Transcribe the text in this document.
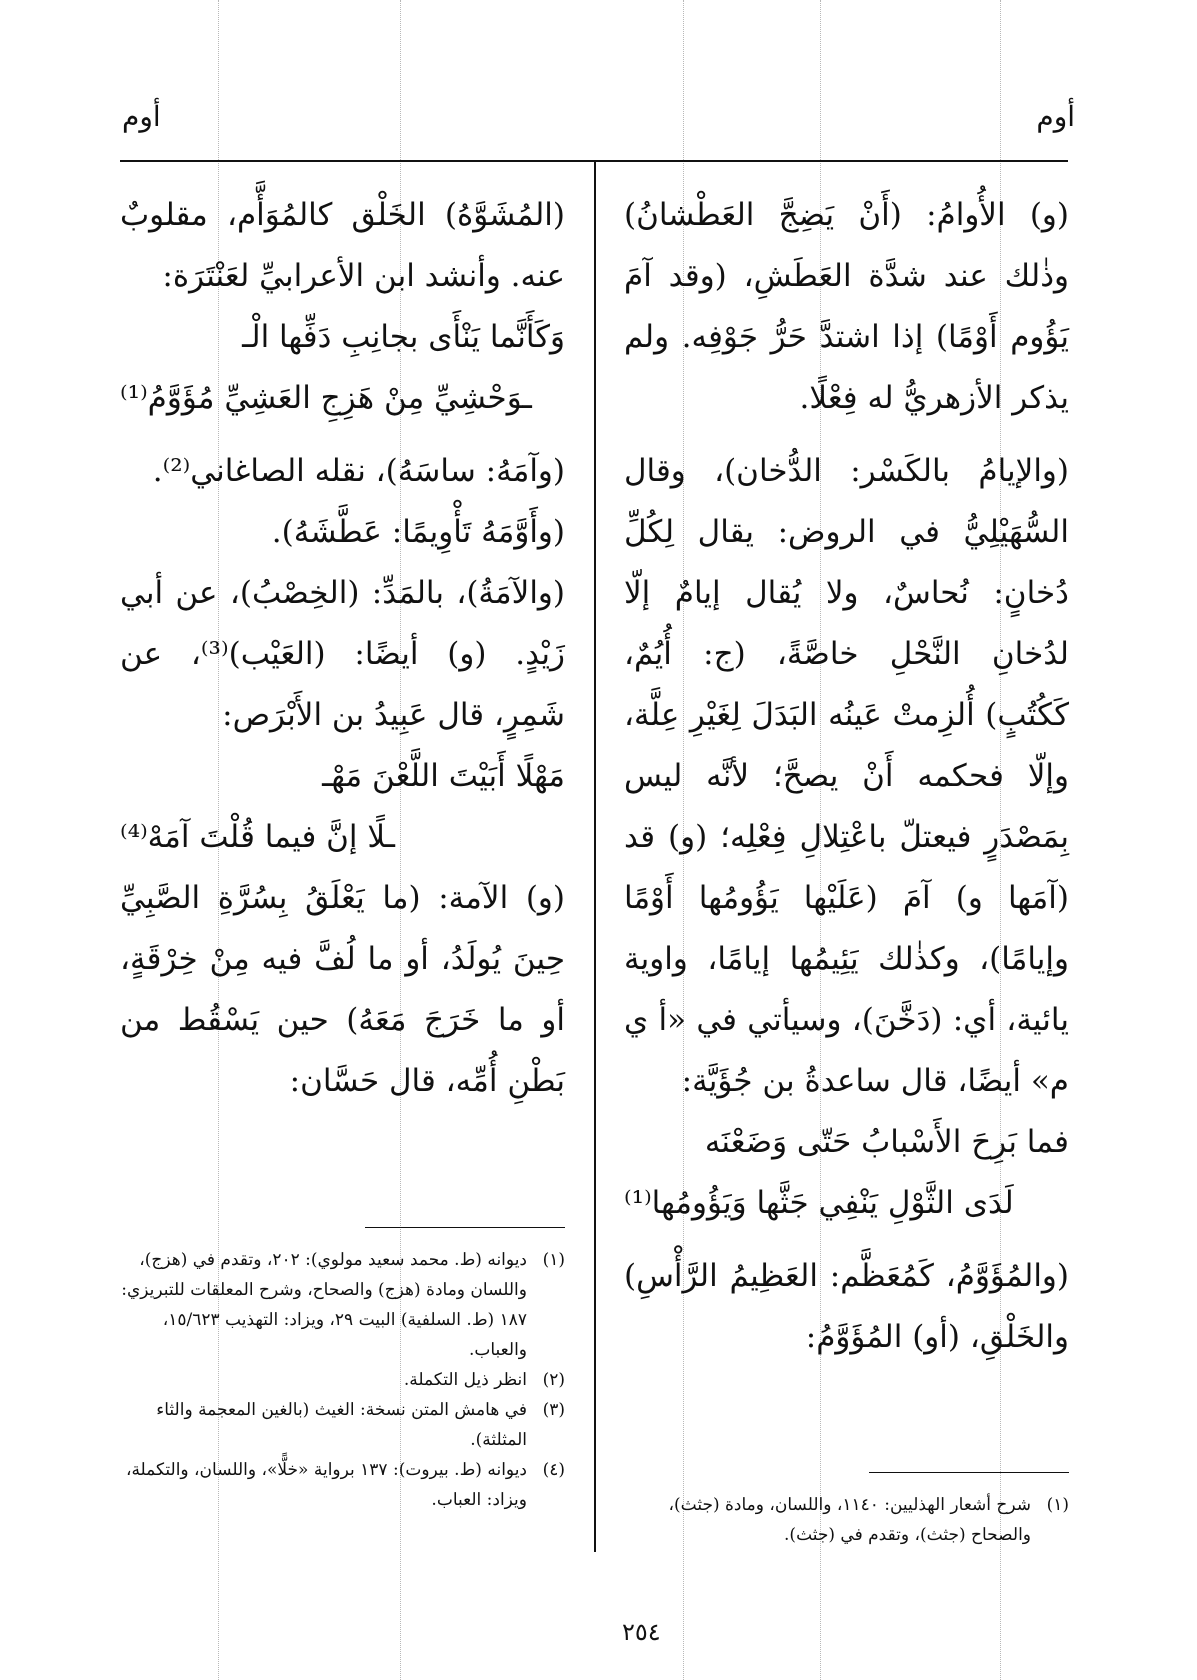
أوم	أوم

(و) الأُوامُ: (أَنْ يَضِجَّ العَطْشانُ) وذٰلك عند شدَّة العَطَشِ، (وقد آمَ يَؤُوم أَوْمًا) إذا اشتدَّ حَرُّ جَوْفِه. ولم يذكر الأزهريُّ له فِعْلًا.

(والإيامُ بالكَسْر: الدُّخان)، وقال السُّهَيْلِيُّ في الروض: يقال لِكُلِّ دُخانٍ: نُحاسٌ، ولا يُقال إيامٌ إلّا لدُخانِ النَّحْلِ خاصَّةً، (ج: أُيُمٌ، كَكُتُبٍ) أُلزِمتْ عَينُه البَدَلَ لِغَيْرِ عِلَّة، وإلّا فحكمه أَنْ يصحَّ؛ لأنَّه ليس بِمَصْدَرٍ فيعتلّ باعْتِلالِ فِعْلِه؛ (و) قد (آمَها و) آمَ (عَلَيْها يَؤُومُها أَوْمًا وإيامًا)، وكذٰلك يَئِيمُها إيامًا، واوية يائية، أي: (دَخَّنَ)، وسيأتي في «أ ي م» أيضًا، قال ساعدةُ بن جُؤَيَّة:

فما بَرِحَ الأَسْبابُ حَتّى وَضَعْنَه

لَدَى الثَّوْلِ يَنْفِي جَثَّها وَيَؤُومُها⁽¹⁾

(والمُؤَوَّمُ، كَمُعَظَّم: العَظِيمُ الرَّأْسِ) والخَلْقِ، (أو) المُؤَوَّمُ:

(المُشَوَّهُ) الخَلْق كالمُوَأَّم، مقلوبٌ عنه. وأنشد ابن الأعرابيِّ لعَنْتَرَة:

وَكَأَنَّما يَنْأَى بجانِبِ دَفِّها الْـ

ـوَحْشِيِّ مِنْ هَزِجِ العَشِيِّ مُؤَوَّمُ⁽¹⁾

(وآمَهُ: ساسَهُ)، نقله الصاغاني⁽²⁾.

(وأَوَّمَهُ تَأْوِيمًا: عَطَّشَهُ).

(والآمَةُ)، بالمَدِّ: (الخِصْبُ)، عن أبي زَيْدٍ. (و) أيضًا: (العَيْب)⁽³⁾، عن شَمِرٍ، قال عَبِيدُ بن الأَبْرَص:

مَهْلًا أَبَيْتَ اللَّعْنَ مَهْـ

ـلًا إنَّ فيما قُلْتَ آمَهْ⁽⁴⁾

(و) الآمة: (ما يَعْلَقُ بِسُرَّةِ الصَّبِيِّ حِينَ يُولَدُ، أو ما لُفَّ فيه مِنْ خِرْقَةٍ، أو ما خَرَجَ مَعَهُ) حين يَسْقُط من بَطْنِ أُمِّه، قال حَسَّان:

(١)
شرح أشعار الهذليين: ١١٤٠، واللسان، ومادة (جثث)، والصحاح (جثث)، وتقدم في (جثث).
(١)
ديوانه (ط. محمد سعيد مولوي): ٢٠٢، وتقدم في (هزج)، واللسان ومادة (هزج) والصحاح، وشرح المعلقات للتبريزي: ١٨٧ (ط. السلفية) البيت ٢٩، ويزاد: التهذيب ١٥/٦٢٣، والعباب.
(٢)
انظر ذيل التكملة.
(٣)
في هامش المتن نسخة: الغيث (بالغين المعجمة والثاء المثلثة).
(٤)
ديوانه (ط. بيروت): ١٣٧ برواية «خلًّا»، واللسان، والتكملة، ويزاد: العباب.
٢٥٤
